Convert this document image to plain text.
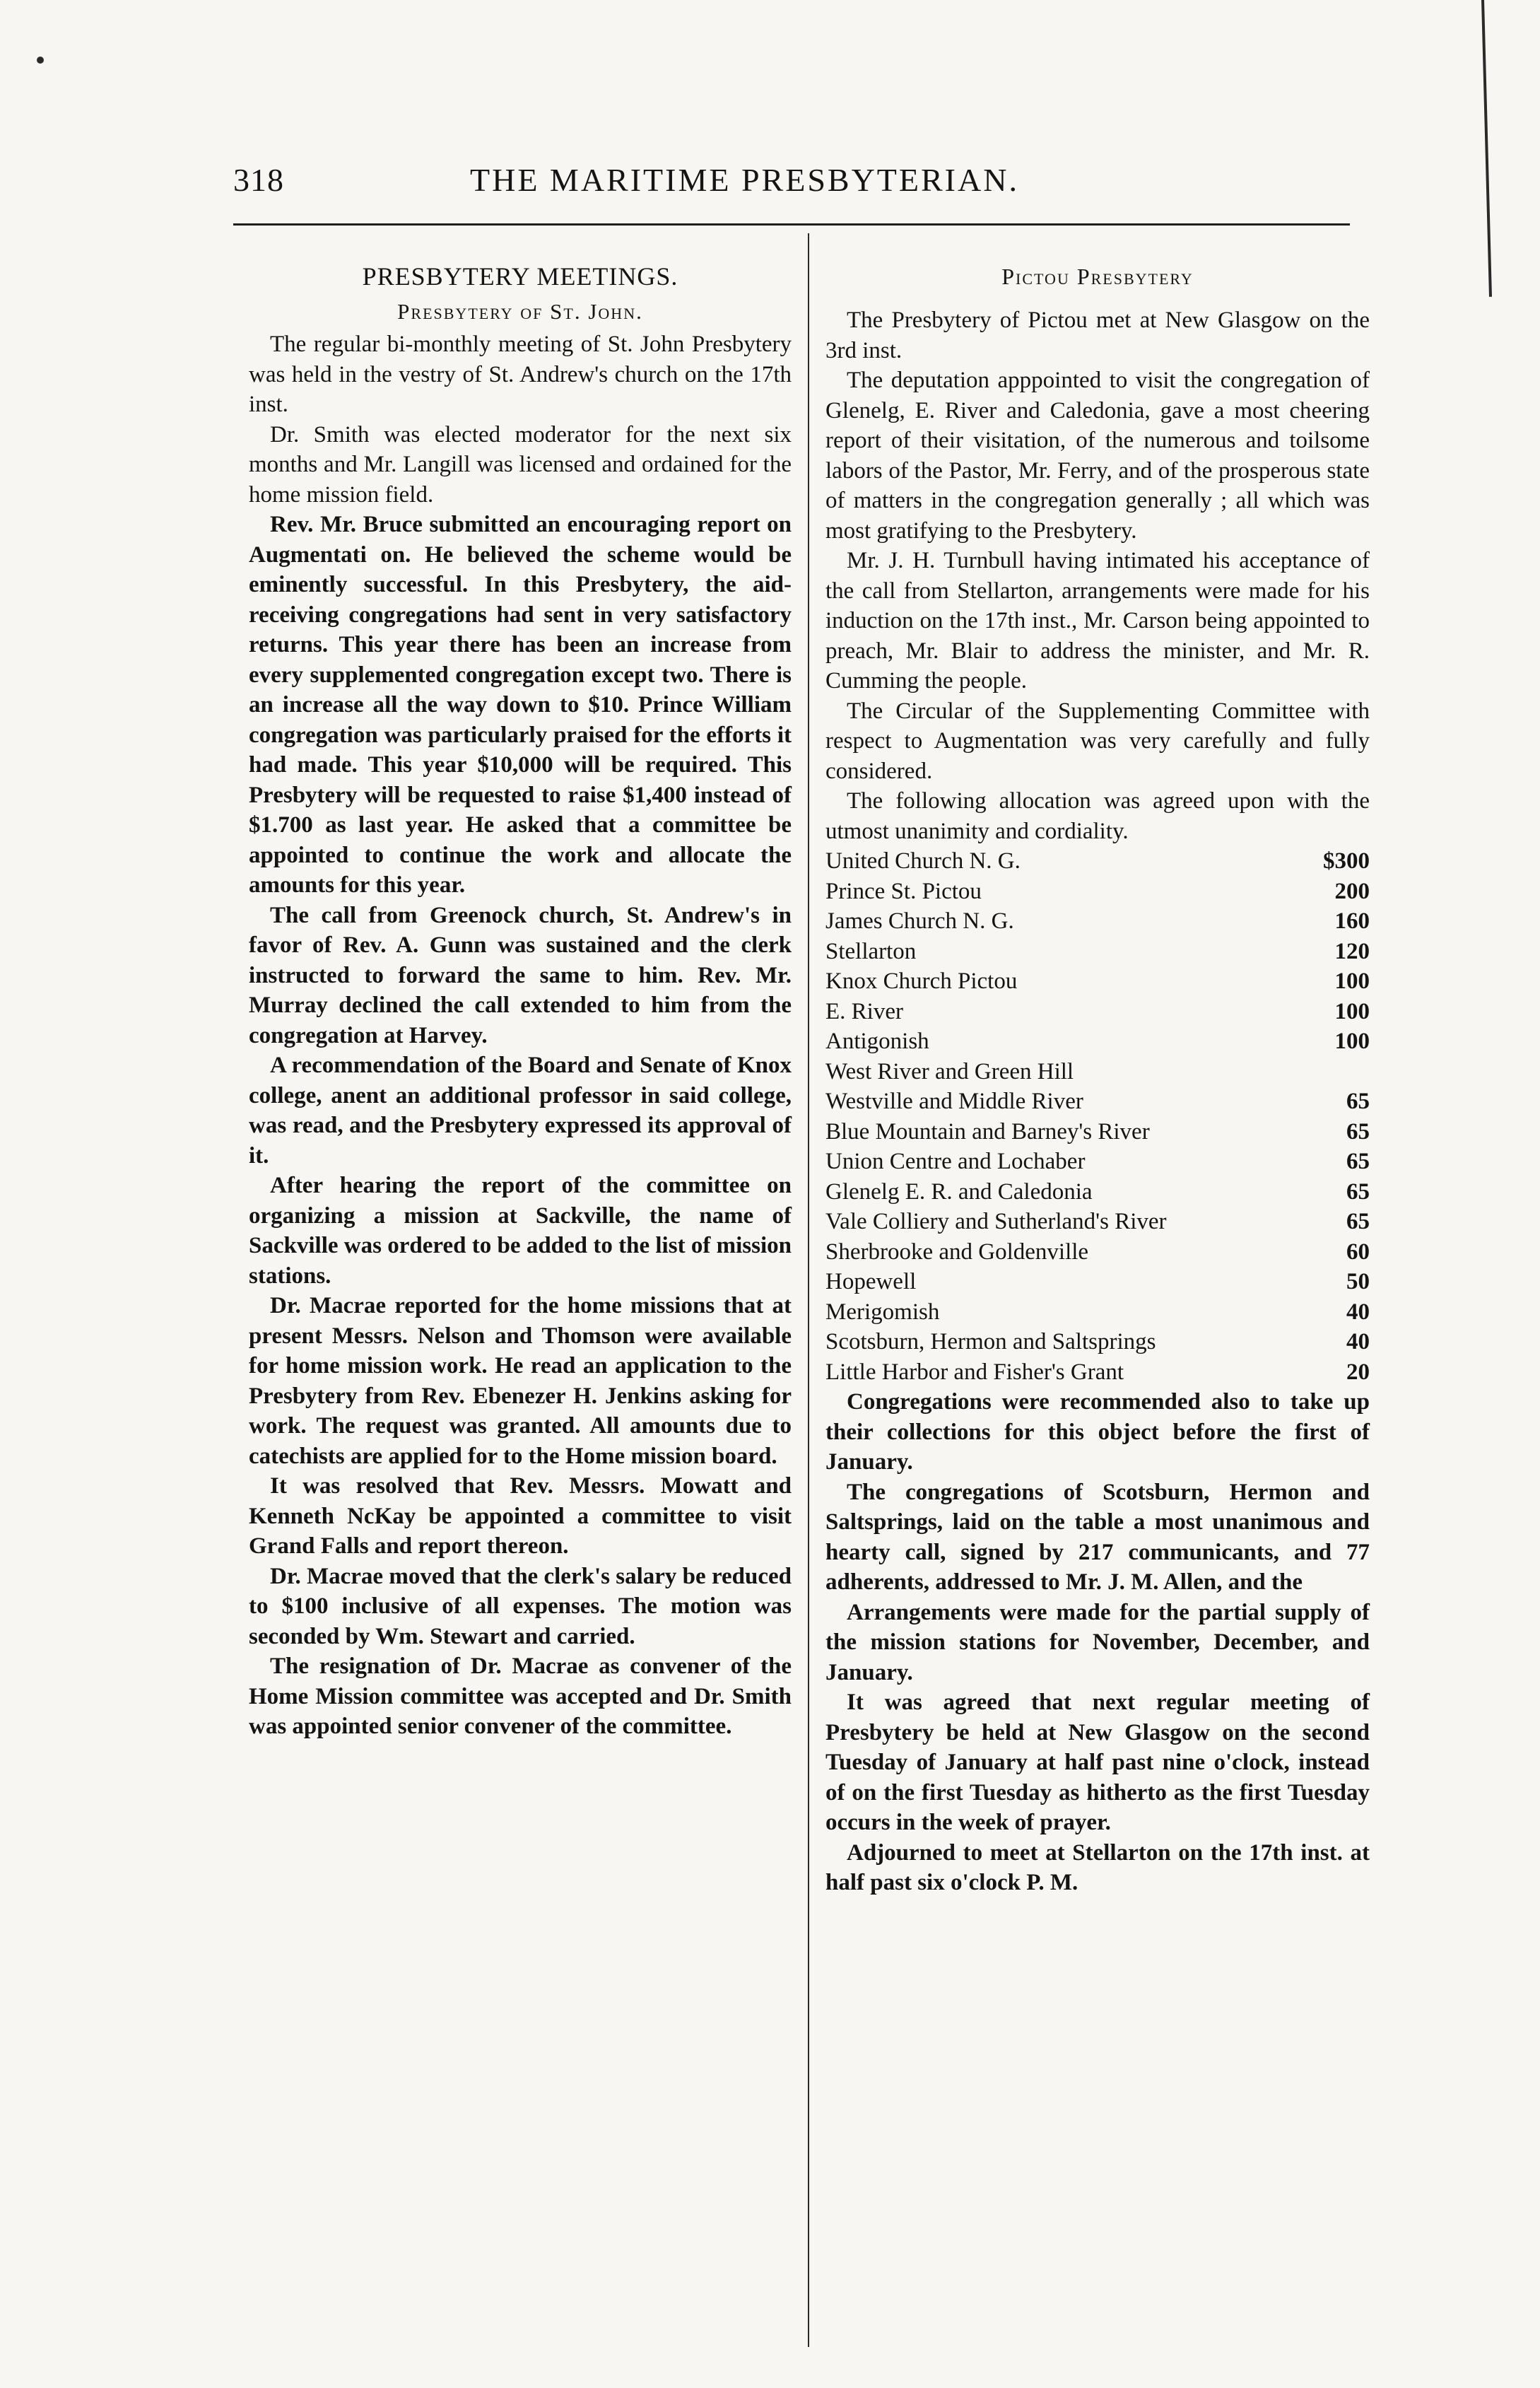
318	THE MARITIME PRESBYTERIAN.
PRESBYTERY MEETINGS.
Presbytery of St. John.

The regular bi-monthly meeting of St. John Presbytery was held in the vestry of St. Andrew's church on the 17th inst.

Dr. Smith was elected moderator for the next six months and Mr. Langill was licensed and ordained for the home mission field.

Rev. Mr. Bruce submitted an encouraging report on Augmentati on. He believed the scheme would be eminently successful. In this Presbytery, the aid-receiving congregations had sent in very satisfactory returns. This year there has been an increase from every supplemented congregation except two. There is an increase all the way down to $10. Prince William congregation was particularly praised for the efforts it had made. This year $10,000 will be required. This Presbytery will be requested to raise $1,400 instead of $1.700 as last year. He asked that a committee be appointed to continue the work and allocate the amounts for this year.

The call from Greenock church, St. Andrew's in favor of Rev. A. Gunn was sustained and the clerk instructed to forward the same to him. Rev. Mr. Murray declined the call extended to him from the congregation at Harvey.

A recommendation of the Board and Senate of Knox college, anent an additional professor in said college, was read, and the Presbytery expressed its approval of it.

After hearing the report of the committee on organizing a mission at Sackville, the name of Sackville was ordered to be added to the list of mission stations.

Dr. Macrae reported for the home missions that at present Messrs. Nelson and Thomson were available for home mission work. He read an application to the Presbytery from Rev. Ebenezer H. Jenkins asking for work. The request was granted. All amounts due to catechists are applied for to the Home mission board.

It was resolved that Rev. Messrs. Mowatt and Kenneth NcKay be appointed a committee to visit Grand Falls and report thereon.

Dr. Macrae moved that the clerk's salary be reduced to $100 inclusive of all expenses. The motion was seconded by Wm. Stewart and carried.

The resignation of Dr. Macrae as convener of the Home Mission committee was accepted and Dr. Smith was appointed senior convener of the committee.

Pictou Presbytery

The Presbytery of Pictou met at New Glasgow on the 3rd inst.

The deputation apppointed to visit the congregation of Glenelg, E. River and Caledonia, gave a most cheering report of their visitation, of the numerous and toilsome labors of the Pastor, Mr. Ferry, and of the prosperous state of matters in the congregation generally ; all which was most gratifying to the Presbytery.

Mr. J. H. Turnbull having intimated his acceptance of the call from Stellarton, arrangements were made for his induction on the 17th inst., Mr. Carson being appointed to preach, Mr. Blair to address the minister, and Mr. R. Cumming the people.

The Circular of the Supplementing Committee with respect to Augmentation was very carefully and fully considered.

The following allocation was agreed upon with the utmost unanimity and cordiality.

United Church N. G.	$300
Prince St. Pictou	200
James Church N. G.	160
Stellarton	120
Knox Church Pictou	100
E. River	100
Antigonish	100
West River and Green Hill
Westville and Middle River	65
Blue Mountain and Barney's River	65
Union Centre and Lochaber	65
Glenelg E. R. and Caledonia	65
Vale Colliery and Sutherland's River	65
Sherbrooke and Goldenville	60
Hopewell	50
Merigomish	40
Scotsburn, Hermon and Saltsprings	40
Little Harbor and Fisher's Grant	20

Congregations were recommended also to take up their collections for this object before the first of January.

The congregations of Scotsburn, Hermon and Saltsprings, laid on the table a most unanimous and hearty call, signed by 217 communicants, and 77 adherents, addressed to Mr. J. M. Allen, and the

Arrangements were made for the partial supply of the mission stations for November, December, and January.

It was agreed that next regular meeting of Presbytery be held at New Glasgow on the second Tuesday of January at half past nine o'clock, instead of on the first Tuesday as hitherto as the first Tuesday occurs in the week of prayer.

Adjourned to meet at Stellarton on the 17th inst. at half past six o'clock P. M.
